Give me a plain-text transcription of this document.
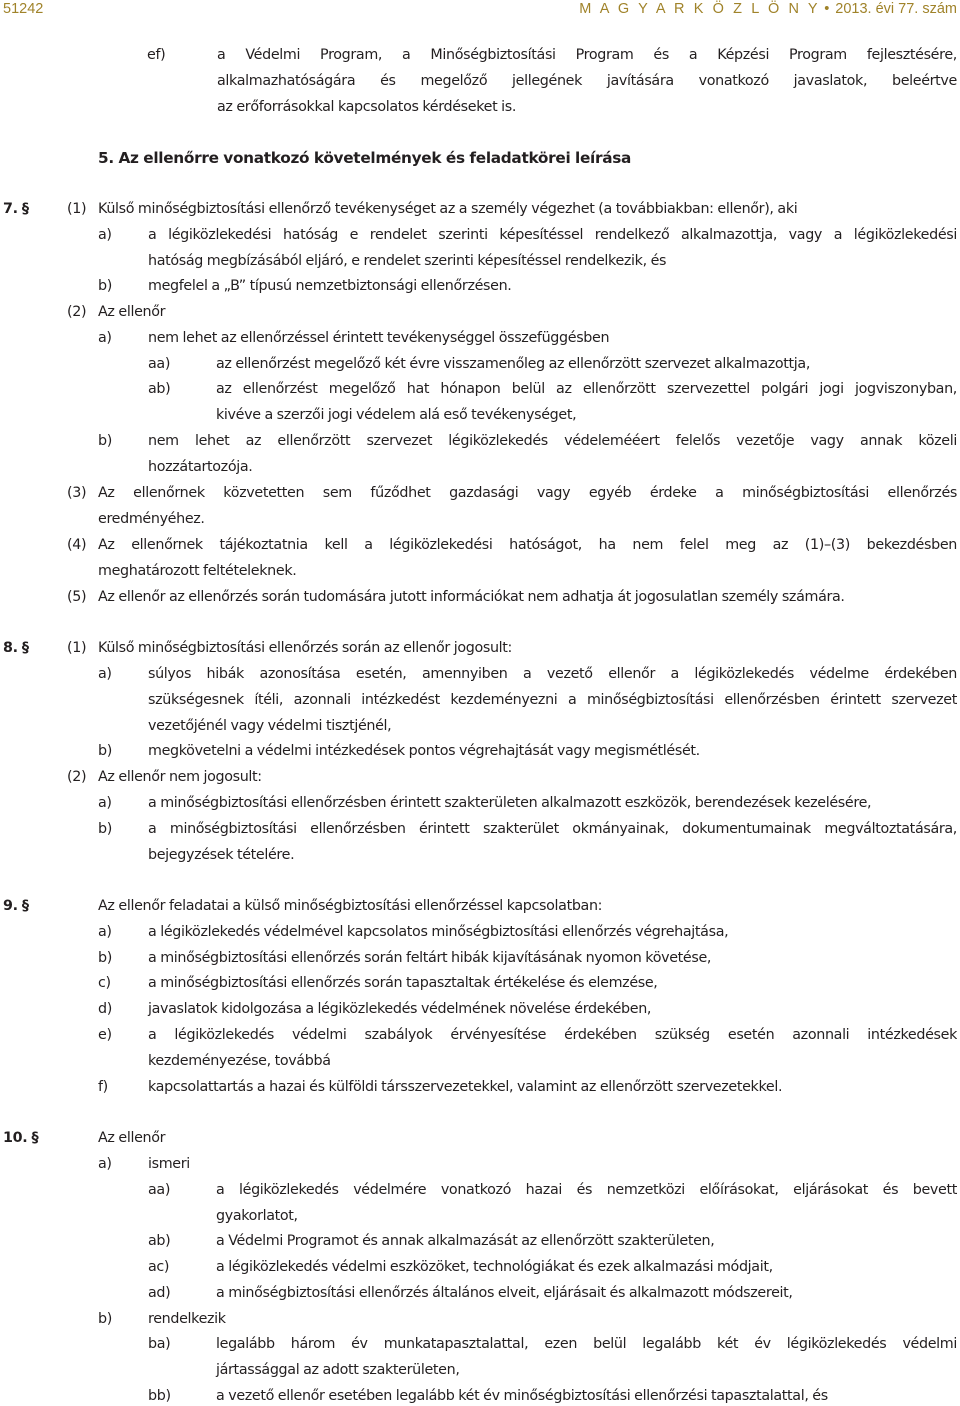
51242	M A G Y A R K Ö Z L Ö N Y • 2013. évi 77. szám
ef)	a Védelmi Program, a Minőségbiztosítási Program és a Képzési Program fejlesztésére,
alkalmazhatóságára és megelőző jellegének javítására vonatkozó javaslatok, beleértve
az erőforrásokkal kapcsolatos kérdéseket is.
5. Az ellenőrre vonatkozó követelmények és feladatkörei leírása
7. §	(1) Külső minőségbiztosítási ellenőrző tevékenységet az a személy végezhet (a továbbiakban: ellenőr), aki
a)	a légiközlekedési hatóság e rendelet szerinti képesítéssel rendelkező alkalmazottja, vagy a légiközlekedési
hatóság megbízásából eljáró, e rendelet szerinti képesítéssel rendelkezik, és
b)	megfelel a „B” típusú nemzetbiztonsági ellenőrzésen.
(2) Az ellenőr
a)	nem lehet az ellenőrzéssel érintett tevékenységgel összefüggésben
aa)	az ellenőrzést megelőző két évre visszamenőleg az ellenőrzött szervezet alkalmazottja,
ab)	az ellenőrzést megelőző hat hónapon belül az ellenőrzött szervezettel polgári jogi jogviszonyban,
kivéve a szerzői jogi védelem alá eső tevékenységet,
b)	nem lehet az ellenőrzött szervezet légiközlekedés védelemééert felelős vezetője vagy annak közeli
hozzátartozója.
(3) Az ellenőrnek közvetetten sem fűződhet gazdasági vagy egyéb érdeke a minőségbiztosítási ellenőrzés
eredményéhez.
(4) Az ellenőrnek tájékoztatnia kell a légiközlekedési hatóságot, ha nem felel meg az (1)–(3) bekezdésben
meghatározott feltételeknek.
(5) Az ellenőr az ellenőrzés során tudomására jutott információkat nem adhatja át jogosulatlan személy számára.
8. §	(1) Külső minőségbiztosítási ellenőrzés során az ellenőr jogosult:
a)	súlyos hibák azonosítása esetén, amennyiben a vezető ellenőr a légiközlekedés védelme érdekében
szükségesnek ítéli, azonnali intézkedést kezdeményezni a minőségbiztosítási ellenőrzésben érintett szervezet
vezetőjénél vagy védelmi tisztjénél,
b)	megkövetelni a védelmi intézkedések pontos végrehajtását vagy megismétlését.
(2) Az ellenőr nem jogosult:
a)	a minőségbiztosítási ellenőrzésben érintett szakterületen alkalmazott eszközök, berendezések kezelésére,
b)	a minőségbiztosítási ellenőrzésben érintett szakterület okmányainak, dokumentumainak megváltoztatására,
bejegyzések tételére.
9. §	Az ellenőr feladatai a külső minőségbiztosítási ellenőrzéssel kapcsolatban:
a)	a légiközlekedés védelmével kapcsolatos minőségbiztosítási ellenőrzés végrehajtása,
b)	a minőségbiztosítási ellenőrzés során feltárt hibák kijavításának nyomon követése,
c)	a minőségbiztosítási ellenőrzés során tapasztaltak értékelése és elemzése,
d)	javaslatok kidolgozása a légiközlekedés védelmének növelése érdekében,
e)	a légiközlekedés védelmi szabályok érvényesítése érdekében szükség esetén azonnali intézkedések
kezdeményezése, továbbá
f)	kapcsolattartás a hazai és külföldi társszervezetekkel, valamint az ellenőrzött szervezetekkel.
10. §	Az ellenőr
a)	ismeri
aa)	a légiközlekedés védelmére vonatkozó hazai és nemzetközi előírásokat, eljárásokat és bevett
gyakorlatot,
ab)	a Védelmi Programot és annak alkalmazását az ellenőrzött szakterületen,
ac)	a légiközlekedés védelmi eszközöket, technológiákat és ezek alkalmazási módjait,
ad)	a minőségbiztosítási ellenőrzés általános elveit, eljárásait és alkalmazott módszereit,
b)	rendelkezik
ba)	legalább három év munkatapasztalattal, ezen belül legalább két év légiközlekedés védelmi
jártassággal az adott szakterületen,
bb)	a vezető ellenőr esetében legalább két év minőségbiztosítási ellenőrzési tapasztalattal, és
